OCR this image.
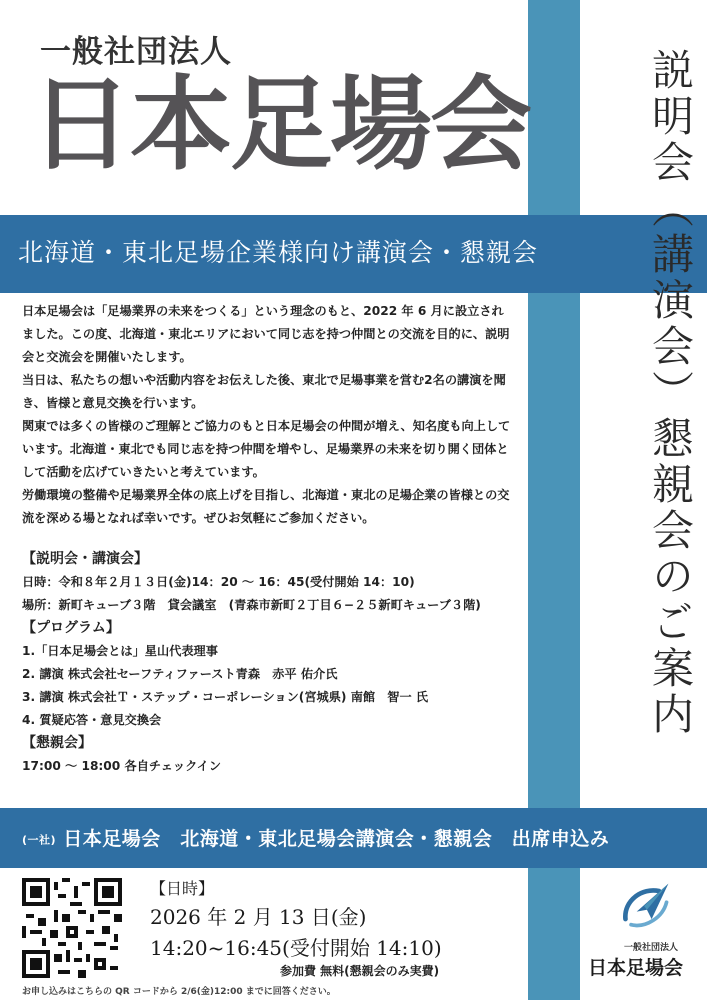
一般社団法人
日本足場会	説明会
（講演会）
懇親会のご案内
北海道・東北足場企業様向け講演会・懇親会

日本足場会は「足場業界の未来をつくる」という理念のもと、2022 年 6 月に設立されました。この度、北海道・東北エリアにおいて同じ志を持つ仲間との交流を目的に、説明会と交流会を開催いたします。

当日は、私たちの想いや活動内容をお伝えした後、東北で足場事業を営む2名の講演を聞き、皆様と意見交換を行います。

関東では多くの皆様のご理解とご協力のもと日本足場会の仲間が増え、知名度も向上しています。北海道・東北でも同じ志を持つ仲間を増やし、足場業界の未来を切り開く団体として活動を広げていきたいと考えています。

労働環境の整備や足場業界全体の底上げを目指し、北海道・東北の足場企業の皆様との交流を深める場となれば幸いです。ぜひお気軽にご参加ください。

【説明会・講演会】
日時：令和８年２月１３日(金)14：20 ～ 16：45(受付開始 14：10)
場所：新町キューブ３階　貸会議室　(青森市新町２丁目６−２５新町キューブ３階)
【プログラム】
1.「日本足場会とは」星山代表理事
2. 講演 株式会社セーフティファースト青森　赤平 佑介氏
3. 講演 株式会社Ｔ・ステップ・コーポレーション(宮城県) 南館　智一 氏
4. 質疑応答・意見交換会
【懇親会】
17:00 ～ 18:00 各自チェックイン
(一社) 日本足場会　北海道・東北足場会講演会・懇親会　出席申込み
【日時】
2026 年 2 月 13 日(金)
14:20~16:45(受付開始 14:10)
参加費 無料(懇親会のみ実費)
お申し込みはこちらの QR コードから 2/6(金)12:00 までに回答ください。
一般社団法人
日本足場会
